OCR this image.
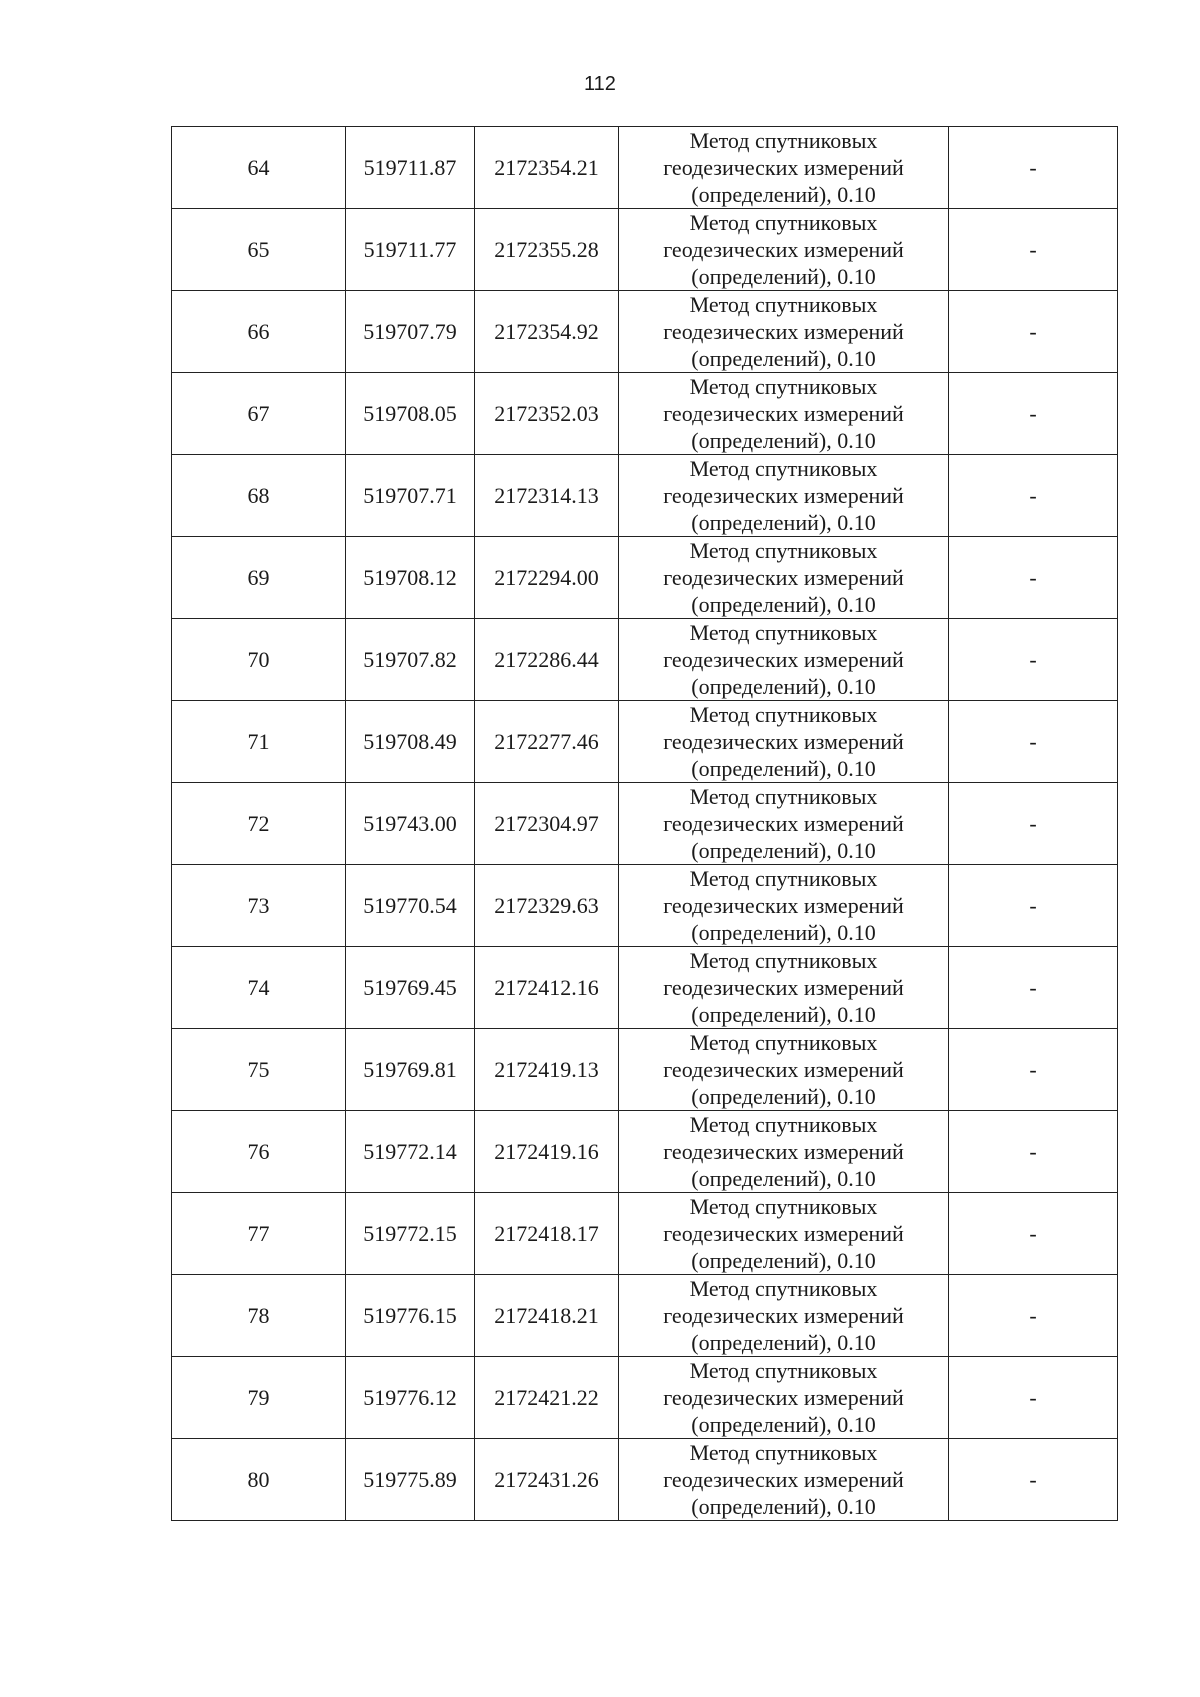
112
64	519711.87	2172354.21	Метод спутниковых
геодезических измерений
(определений), 0.10	-
65	519711.77	2172355.28	Метод спутниковых
геодезических измерений
(определений), 0.10	-
66	519707.79	2172354.92	Метод спутниковых
геодезических измерений
(определений), 0.10	-
67	519708.05	2172352.03	Метод спутниковых
геодезических измерений
(определений), 0.10	-
68	519707.71	2172314.13	Метод спутниковых
геодезических измерений
(определений), 0.10	-
69	519708.12	2172294.00	Метод спутниковых
геодезических измерений
(определений), 0.10	-
70	519707.82	2172286.44	Метод спутниковых
геодезических измерений
(определений), 0.10	-
71	519708.49	2172277.46	Метод спутниковых
геодезических измерений
(определений), 0.10	-
72	519743.00	2172304.97	Метод спутниковых
геодезических измерений
(определений), 0.10	-
73	519770.54	2172329.63	Метод спутниковых
геодезических измерений
(определений), 0.10	-
74	519769.45	2172412.16	Метод спутниковых
геодезических измерений
(определений), 0.10	-
75	519769.81	2172419.13	Метод спутниковых
геодезических измерений
(определений), 0.10	-
76	519772.14	2172419.16	Метод спутниковых
геодезических измерений
(определений), 0.10	-
77	519772.15	2172418.17	Метод спутниковых
геодезических измерений
(определений), 0.10	-
78	519776.15	2172418.21	Метод спутниковых
геодезических измерений
(определений), 0.10	-
79	519776.12	2172421.22	Метод спутниковых
геодезических измерений
(определений), 0.10	-
80	519775.89	2172431.26	Метод спутниковых
геодезических измерений
(определений), 0.10	-
